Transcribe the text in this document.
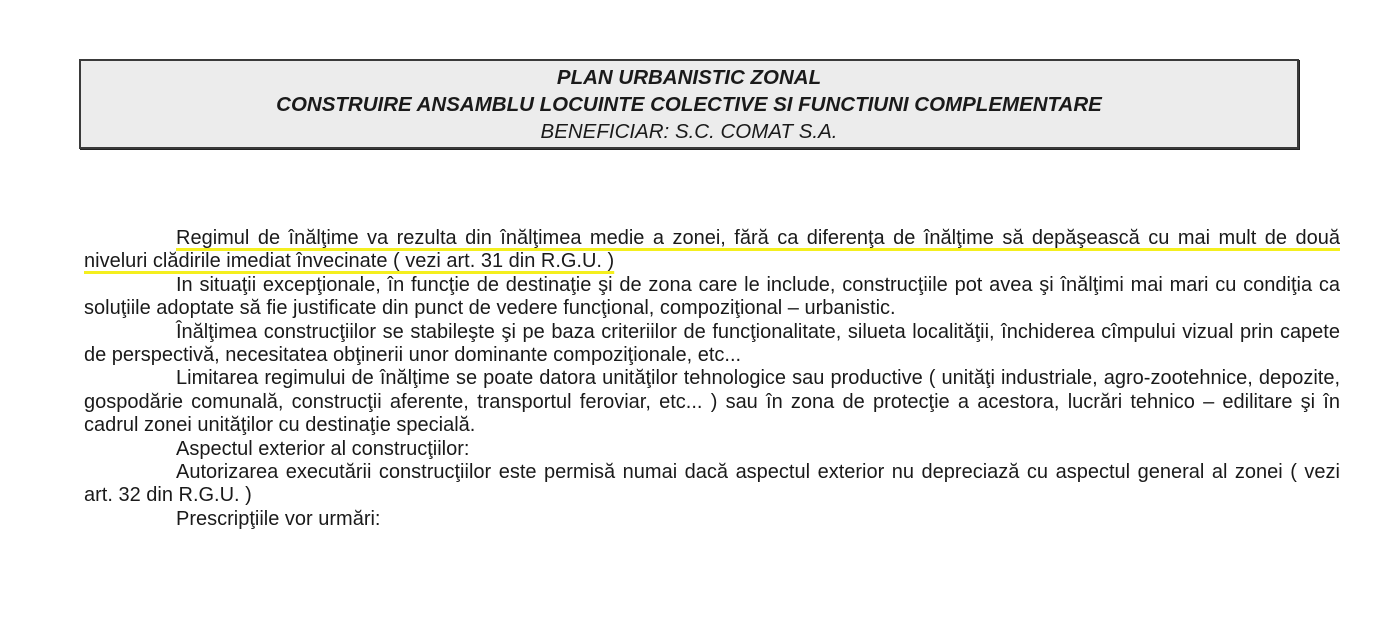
PLAN URBANISTIC ZONAL
CONSTRUIRE ANSAMBLU LOCUINTE COLECTIVE SI FUNCTIUNI COMPLEMENTARE
BENEFICIAR: S.C. COMAT S.A.

Regimul de înălţime va rezulta din înălţimea medie a zonei, fără ca diferenţa de înălţime să depăşească cu mai mult de două niveluri clădirile imediat învecinate ( vezi art. 31 din R.G.U. )

In situaţii excepţionale, în funcţie de destinaţie şi de zona care le include, construcţiile pot avea şi înălţimi mai mari cu condiţia ca soluţiile adoptate să fie justificate din punct de vedere funcţional, compoziţional – urbanistic.

Înălţimea construcţiilor se stabileşte şi pe baza criteriilor de funcţionalitate, silueta localităţii, închiderea cîmpului vizual prin capete de perspectivă, necesitatea obţinerii unor dominante compoziţionale, etc...

Limitarea regimului de înălţime se poate datora unităţilor tehnologice sau productive ( unităţi industriale, agro-zootehnice, depozite, gospodărie comunală, construcţii aferente, transportul feroviar, etc... ) sau în zona de protecţie a acestora, lucrări tehnico – edilitare şi în cadrul zonei unităţilor cu destinaţie specială.

Aspectul exterior al construcţiilor:

Autorizarea executării construcţiilor este permisă numai dacă aspectul exterior nu depreciază cu aspectul general al zonei ( vezi art. 32 din R.G.U. )

Prescripţiile vor urmări:
